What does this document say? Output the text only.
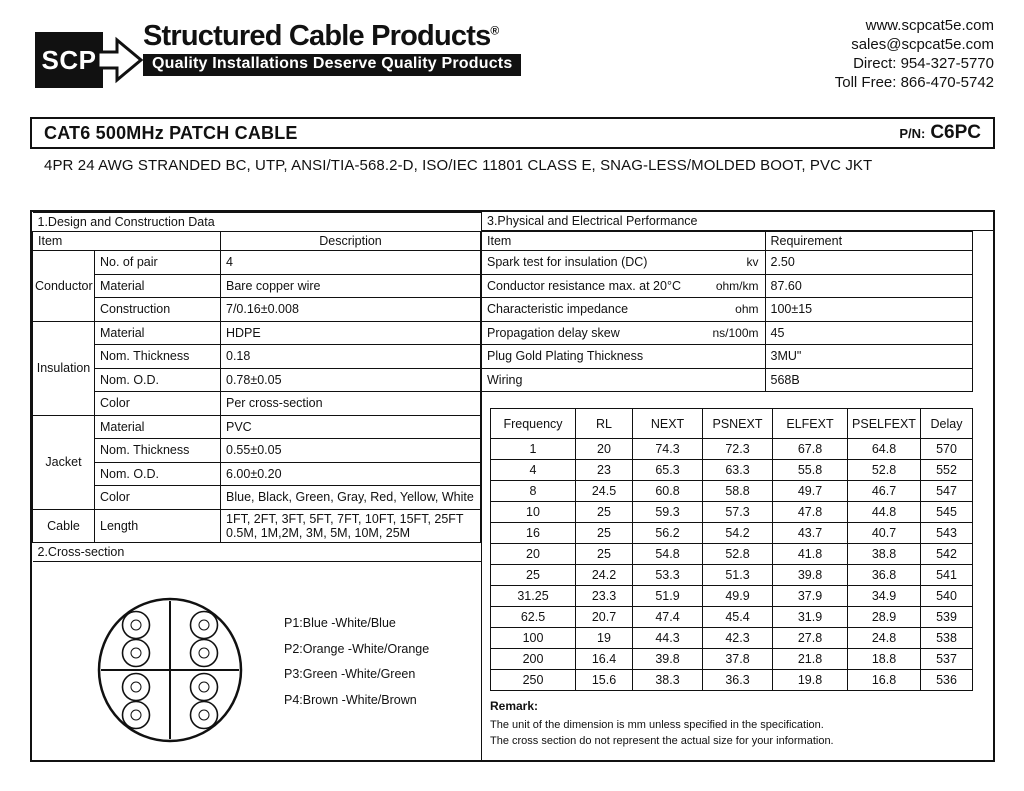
SCP
Structured Cable Products®
Quality Installations Deserve Quality Products
www.scpcat5e.com
sales@scpcat5e.com
Direct: 954-327-5770
Toll Free: 866-470-5742
CAT6 500MHz PATCH CABLE	P/N: C6PC
4PR 24 AWG STRANDED BC, UTP, ANSI/TIA-568.2-D, ISO/IEC 11801 CLASS E, SNAG-LESS/MOLDED BOOT, PVC JKT
1.Design and Construction Data		
Item		Description
Conductor	No. of pair	4
	Material	Bare copper wire
	Construction	7/0.16±0.008
Insulation	Material	HDPE
	Nom. Thickness	0.18
	Nom. O.D.	0.78±0.05
	Color	Per cross-section
Jacket	Material	PVC
	Nom. Thickness	0.55±0.05
	Nom. O.D.	6.00±0.20
	Color	Blue, Black, Green, Gray, Red, Yellow, White
Cable	Length	1FT, 2FT, 3FT, 5FT, 7FT, 10FT, 15FT, 25FT
0.5M, 1M,2M, 3M, 5M, 10M, 25M

2.Cross-section		
P1:Blue -White/Blue
P2:Orange -White/Orange
P3:Green -White/Green
P4:Brown -White/Brown
3.Physical and Electrical Performance
Item	Requirement

Spark test for insulation (DC) kv	2.50

Conductor resistance max. at 20°C ohm/km	87.60

Characteristic impedance ohm	100±15

Propagation delay skew ns/100m	45

Plug Gold Plating Thickness	3MU"

Wiring	568B
Frequency	RL	NEXT	PSNEXT	ELFEXT	PSELFEXT	Delay
1	20	74.3	72.3	67.8	64.8	570
4	23	65.3	63.3	55.8	52.8	552
8	24.5	60.8	58.8	49.7	46.7	547
10	25	59.3	57.3	47.8	44.8	545
16	25	56.2	54.2	43.7	40.7	543
20	25	54.8	52.8	41.8	38.8	542
25	24.2	53.3	51.3	39.8	36.8	541
31.25	23.3	51.9	49.9	37.9	34.9	540
62.5	20.7	47.4	45.4	31.9	28.9	539
100	19	44.3	42.3	27.8	24.8	538
200	16.4	39.8	37.8	21.8	18.8	537
250	15.6	38.3	36.3	19.8	16.8	536
Remark:
The unit of the dimension is mm unless specified in the specification.
The cross section do not represent the actual size for your information.
